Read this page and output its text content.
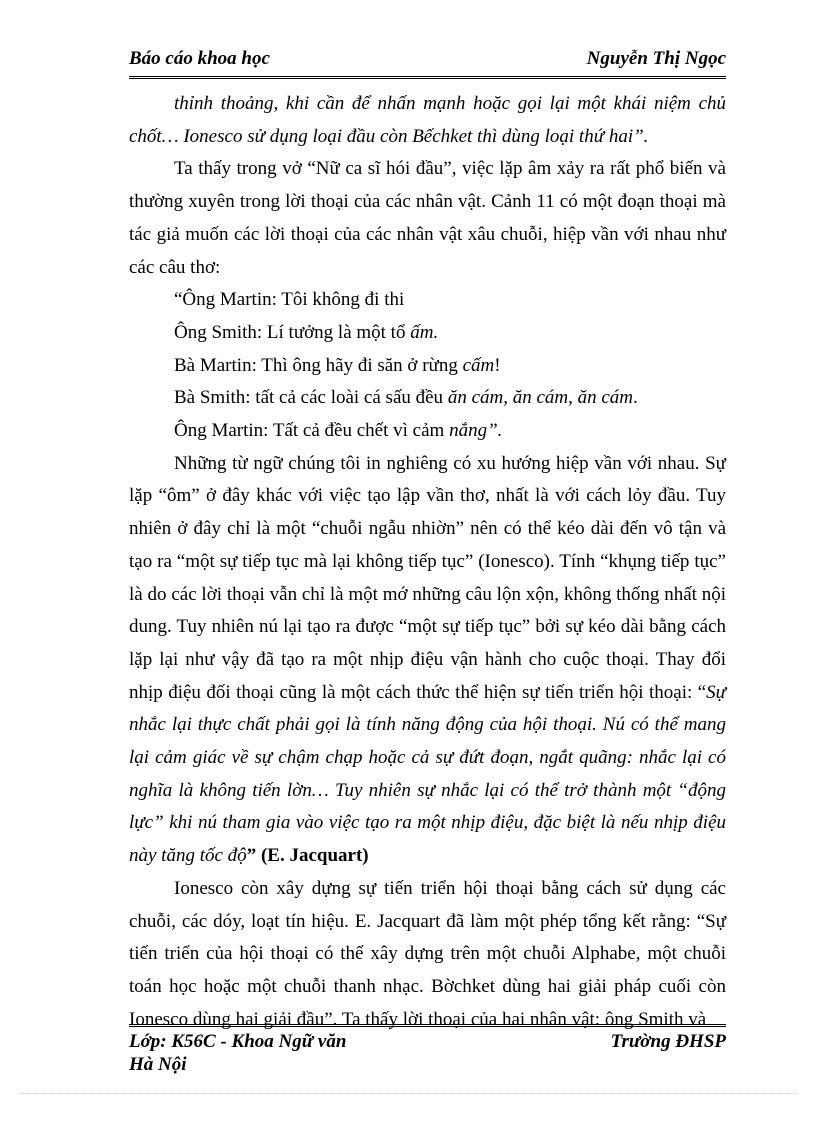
Báo cáo khoa học	Nguyễn Thị Ngọc

thỉnh thoảng, khi cần để nhấn mạnh hoặc gọi lại một khái niệm chủ chốt… Ionesco sử dụng loại đầu còn Bếchket thì dùng loại thứ hai”.

Ta thấy trong vở “Nữ ca sĩ hói đầu”, việc lặp âm xảy ra rất phổ biến và thường xuyên trong lời thoại của các nhân vật. Cảnh 11 có một đoạn thoại mà tác giả muốn các lời thoại của các nhân vật xâu chuỗi, hiệp vần với nhau như các câu thơ:

“Ông Martin: Tôi không đi thi

Ông Smith: Lí tưởng là một tổ ấm.

Bà Martin: Thì ông hãy đi săn ở rừng cấm!

Bà Smith: tất cả các loài cá sấu đều ăn cám, ăn cám, ăn cám.

Ông Martin: Tất cả đều chết vì cảm nắng”.

Những từ ngữ chúng tôi in nghiêng có xu hướng hiệp vần với nhau. Sự lặp “ôm” ở đây khác với việc tạo lập vần thơ, nhất là với cách lỏy đầu. Tuy nhiên ở đây chỉ là một “chuỗi ngẫu nhiờn” nên có thể kéo dài đến vô tận và tạo ra “một sự tiếp tục mà lại không tiếp tục” (Ionesco). Tính “khụng tiếp tục” là do các lời thoại vẫn chỉ là một mớ những câu lộn xộn, không thống nhất nội dung. Tuy nhiên nú lại tạo ra được “một sự tiếp tục” bởi sự kéo dài bằng cách lặp lại như vậy đã tạo ra một nhịp điệu vận hành cho cuộc thoại. Thay đổi nhịp điệu đối thoại cũng là một cách thức thể hiện sự tiến triển hội thoại: “Sự nhắc lại thực chất phải gọi là tính năng động của hội thoại. Nú có thể mang lại cảm giác về sự chậm chạp hoặc cả sự đứt đoạn, ngắt quãng: nhắc lại có nghĩa là không tiến lờn… Tuy nhiên sự nhắc lại có thể trở thành một “động lực” khi nú tham gia vào việc tạo ra một nhịp điệu, đặc biệt là nếu nhịp điệu này tăng tốc độ” (E. Jacquart)

Ionesco còn xây dựng sự tiến triển hội thoại bằng cách sử dụng các chuỗi, các dóy, loạt tín hiệu. E. Jacquart đã làm một phép tổng kết rằng: “Sự tiến triển của hội thoại có thể xây dựng trên một chuỗi Alphabe, một chuỗi toán học hoặc một chuỗi thanh nhạc. Bờchket dùng hai giải pháp cuối còn Ionesco dùng hai giải đầu”. Ta thấy lời thoại của hai nhân vật: ông Smith và

Lớp: K56C - Khoa Ngữ văn	Trường ĐHSP
Hà Nội
